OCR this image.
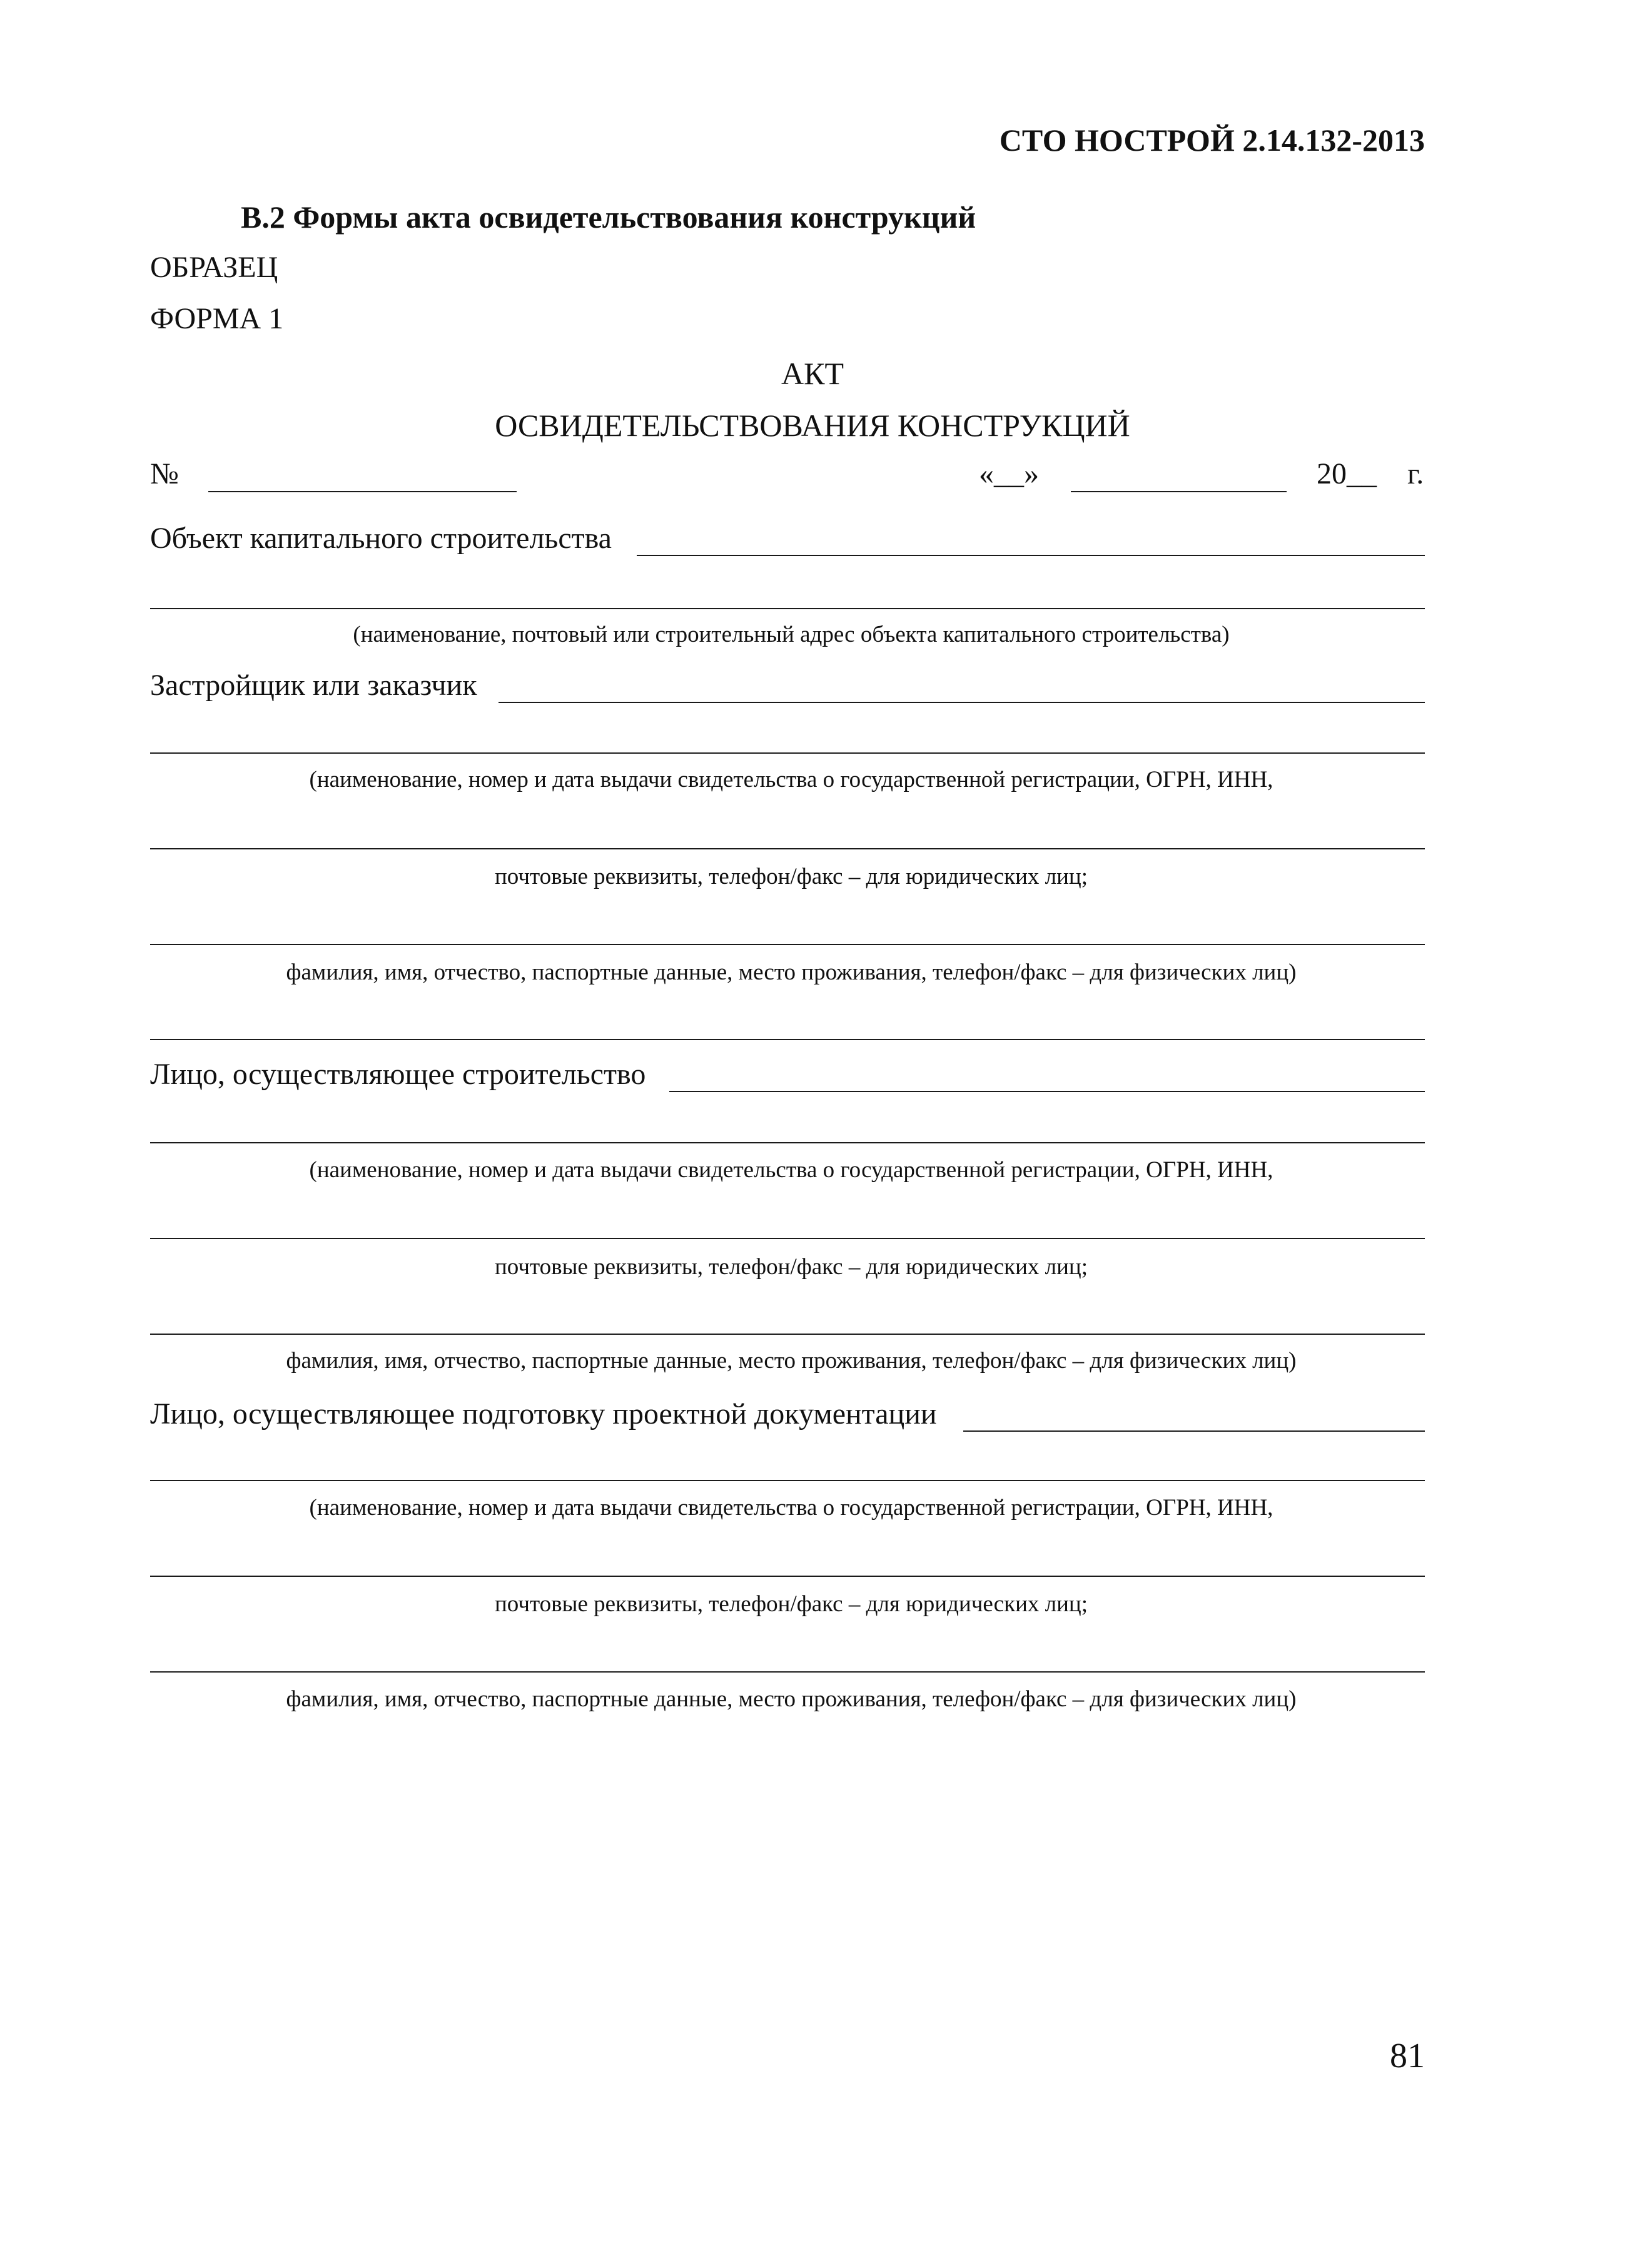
СТО НОСТРОЙ 2.14.132-2013
В.2 Формы акта освидетельствования конструкций
ОБРАЗЕЦ
ФОРМА 1
АКТ
ОСВИДЕТЕЛЬСТВОВАНИЯ КОНСТРУКЦИЙ
№	«__»	20__ г.
Объект капитального строительства
(наименование, почтовый или строительный адрес объекта капитального строительства)
Застройщик или заказчик
(наименование, номер и дата выдачи свидетельства о государственной регистрации, ОГРН, ИНН,
почтовые реквизиты, телефон/факс – для юридических лиц;
фамилия, имя, отчество, паспортные данные, место проживания, телефон/факс – для физических лиц)
Лицо, осуществляющее строительство
(наименование, номер и дата выдачи свидетельства о государственной регистрации, ОГРН, ИНН,
почтовые реквизиты, телефон/факс – для юридических лиц;
фамилия, имя, отчество, паспортные данные, место проживания, телефон/факс – для физических лиц)
Лицо, осуществляющее подготовку проектной документации
(наименование, номер и дата выдачи свидетельства о государственной регистрации, ОГРН, ИНН,
почтовые реквизиты, телефон/факс – для юридических лиц;
фамилия, имя, отчество, паспортные данные, место проживания, телефон/факс – для физических лиц)
81
